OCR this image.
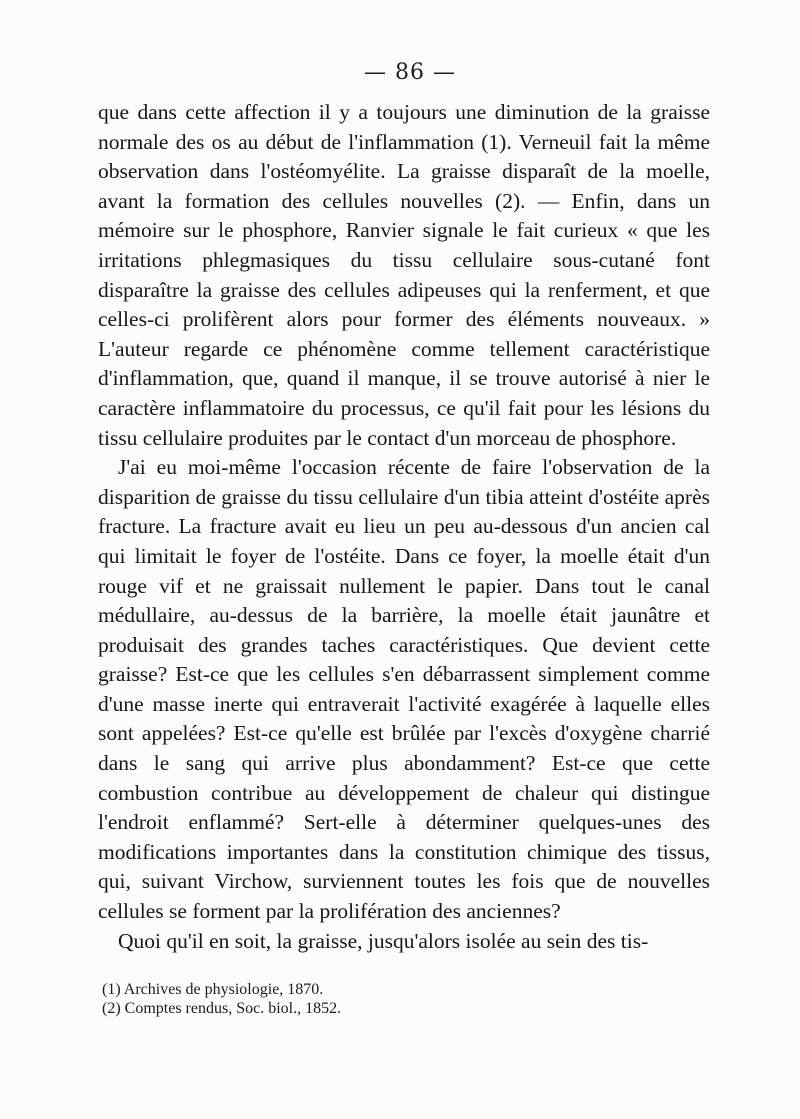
— 86 —

que dans cette affection il y a toujours une diminution de la graisse normale des os au début de l'inflammation (1). Verneuil fait la même observation dans l'ostéomyélite. La graisse disparaît de la moelle, avant la formation des cellules nouvelles (2). — Enfin, dans un mémoire sur le phosphore, Ranvier signale le fait curieux « que les irritations phlegmasiques du tissu cellulaire sous-cutané font disparaître la graisse des cellules adipeuses qui la renferment, et que celles-ci prolifèrent alors pour former des éléments nouveaux. » L'auteur regarde ce phénomène comme tellement caractéristique d'inflammation, que, quand il manque, il se trouve autorisé à nier le caractère inflammatoire du processus, ce qu'il fait pour les lésions du tissu cellulaire produites par le contact d'un morceau de phosphore.

J'ai eu moi-même l'occasion récente de faire l'observation de la disparition de graisse du tissu cellulaire d'un tibia atteint d'ostéite après fracture. La fracture avait eu lieu un peu au-dessous d'un ancien cal qui limitait le foyer de l'ostéite. Dans ce foyer, la moelle était d'un rouge vif et ne graissait nullement le papier. Dans tout le canal médullaire, au-dessus de la barrière, la moelle était jaunâtre et produisait des grandes taches caractéristiques. Que devient cette graisse? Est-ce que les cellules s'en débarrassent simplement comme d'une masse inerte qui entraverait l'activité exagérée à laquelle elles sont appelées? Est-ce qu'elle est brûlée par l'excès d'oxygène charrié dans le sang qui arrive plus abondamment? Est-ce que cette combustion contribue au développement de chaleur qui distingue l'endroit enflammé? Sert-elle à déterminer quelques-unes des modifications importantes dans la constitution chimique des tissus, qui, suivant Virchow, surviennent toutes les fois que de nouvelles cellules se forment par la prolifération des anciennes?

Quoi qu'il en soit, la graisse, jusqu'alors isolée au sein des tis-

(1) Archives de physiologie, 1870.

(2) Comptes rendus, Soc. biol., 1852.
